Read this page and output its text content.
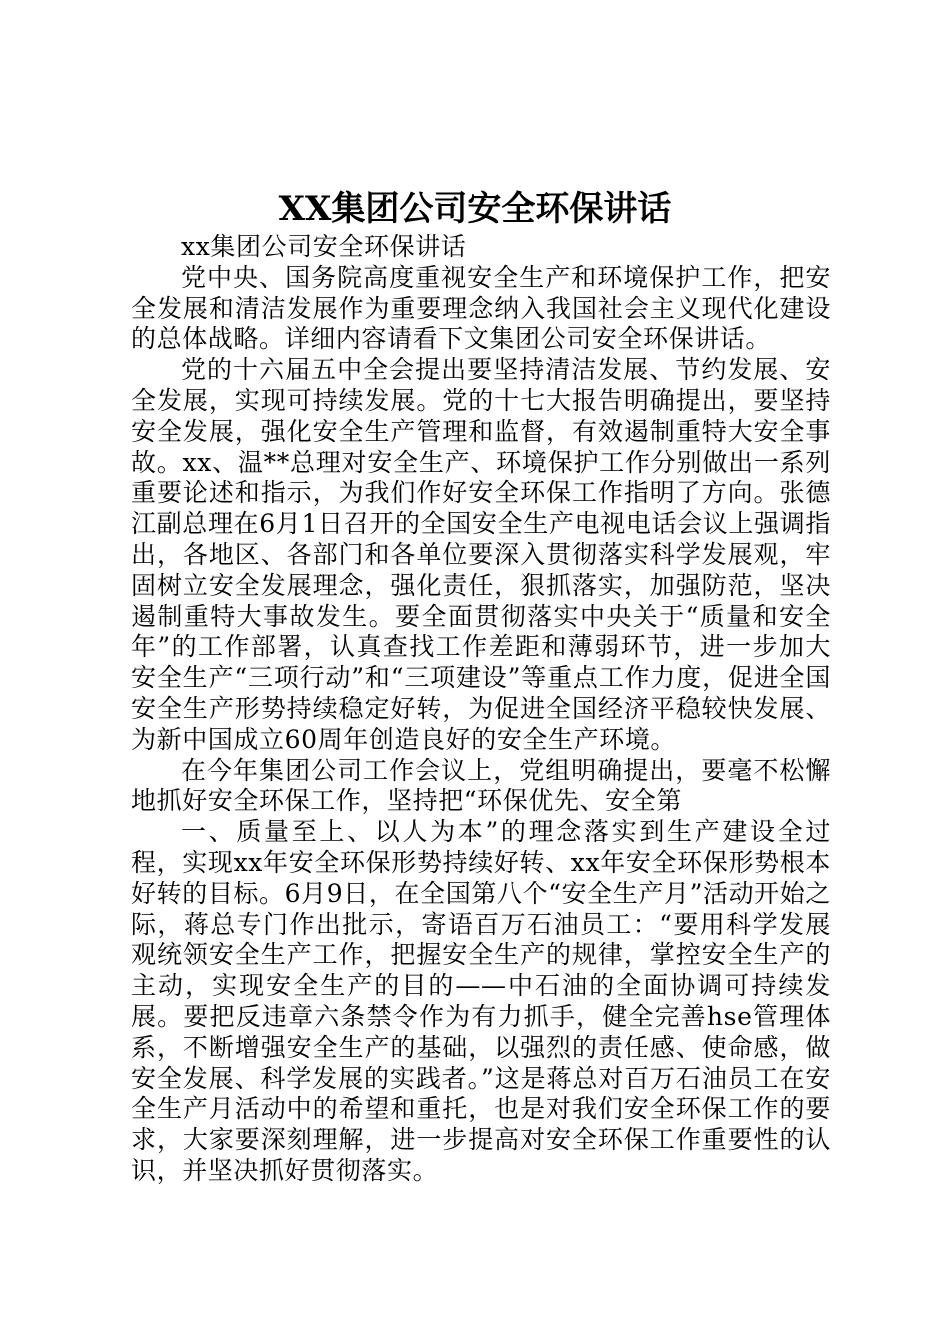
XX集团公司安全环保讲话

xx集团公司安全环保讲话

党中央、国务院高度重视安全生产和环境保护工作，把安全发展和清洁发展作为重要理念纳入我国社会主义现代化建设的总体战略。详细内容请看下文集团公司安全环保讲话。

党的十六届五中全会提出要坚持清洁发展、节约发展、安全发展，实现可持续发展。党的十七大报告明确提出，要坚持安全发展，强化安全生产管理和监督，有效遏制重特大安全事故。xx、温**总理对安全生产、环境保护工作分别做出一系列重要论述和指示，为我们作好安全环保工作指明了方向。张德江副总理在6月1日召开的全国安全生产电视电话会议上强调指出，各地区、各部门和各单位要深入贯彻落实科学发展观，牢固树立安全发展理念，强化责任，狠抓落实，加强防范，坚决遏制重特大事故发生。要全面贯彻落实中央关于“质量和安全年”的工作部署，认真查找工作差距和薄弱环节，进一步加大安全生产“三项行动”和“三项建设”等重点工作力度，促进全国安全生产形势持续稳定好转，为促进全国经济平稳较快发展、为新中国成立60周年创造良好的安全生产环境。

在今年集团公司工作会议上，党组明确提出，要毫不松懈地抓好安全环保工作，坚持把“环保优先、安全第

一、质量至上、以人为本”的理念落实到生产建设全过程，实现xx年安全环保形势持续好转、xx年安全环保形势根本好转的目标。6月9日，在全国第八个“安全生产月”活动开始之际，蒋总专门作出批示，寄语百万石油员工：“要用科学发展观统领安全生产工作，把握安全生产的规律，掌控安全生产的主动，实现安全生产的目的——中石油的全面协调可持续发展。要把反违章六条禁令作为有力抓手，健全完善hse管理体系，不断增强安全生产的基础，以强烈的责任感、使命感，做安全发展、科学发展的实践者。”这是蒋总对百万石油员工在安全生产月活动中的希望和重托，也是对我们安全环保工作的要求，大家要深刻理解，进一步提高对安全环保工作重要性的认识，并坚决抓好贯彻落实。
